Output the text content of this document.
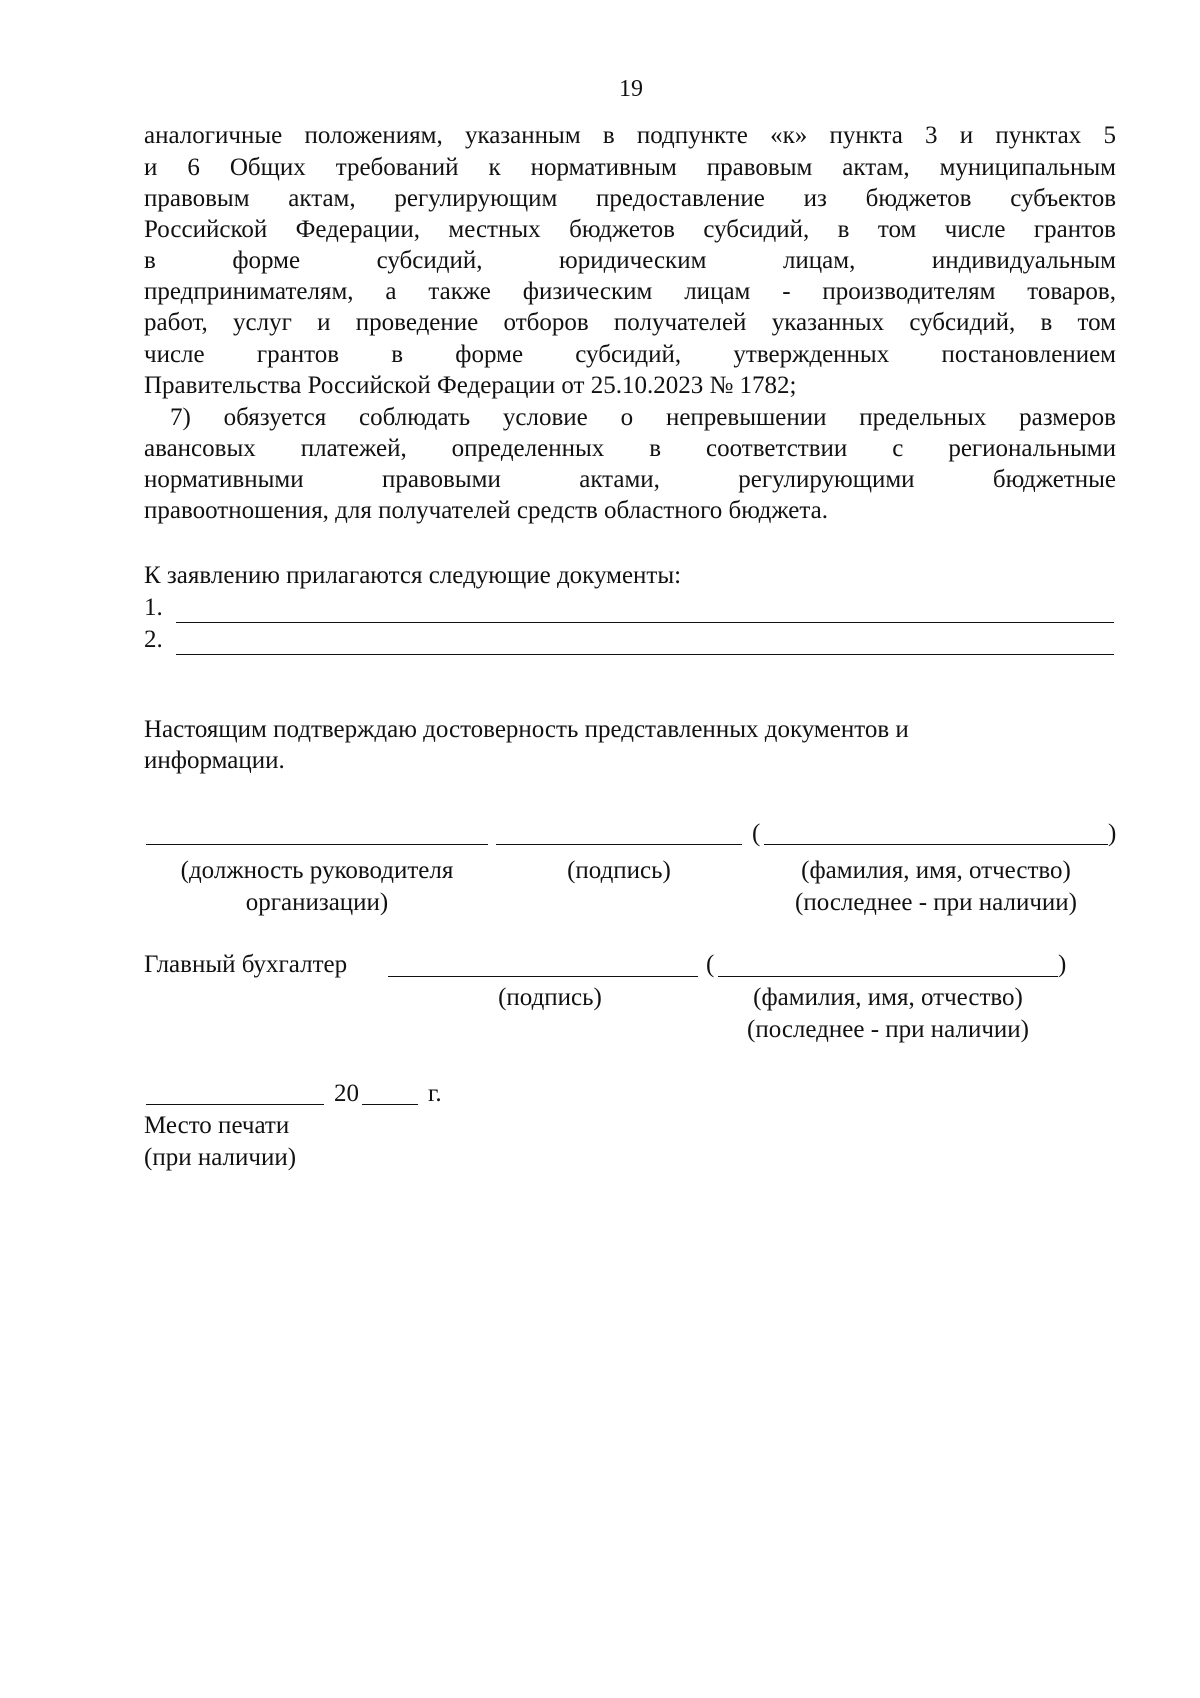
19
аналогичные положениям, указанным в подпункте «к» пункта 3 и пунктах 5
и 6 Общих требований к нормативным правовым актам, муниципальным
правовым актам, регулирующим предоставление из бюджетов субъектов
Российской Федерации, местных бюджетов субсидий, в том числе грантов
в форме субсидий, юридическим лицам, индивидуальным
предпринимателям, а также физическим лицам - производителям товаров,
работ, услуг и проведение отборов получателей указанных субсидий, в том
числе грантов в форме субсидий, утвержденных постановлением
Правительства Российской Федерации от 25.10.2023 № 1782;
7) обязуется соблюдать условие о непревышении предельных размеров
авансовых платежей, определенных в соответствии с региональными
нормативными правовыми актами, регулирующими бюджетные
правоотношения, для получателей средств областного бюджета.
К заявлению прилагаются следующие документы:
1.
2.
Настоящим подтверждаю достоверность представленных документов и
информации.
(	)
(должность руководителя
организации)
(подпись)	(фамилия, имя, отчество)
(последнее - при наличии)
Главный бухгалтер	(	)
(подпись)	(фамилия, имя, отчество)
(последнее - при наличии)
20	г.
Место печати
(при наличии)
